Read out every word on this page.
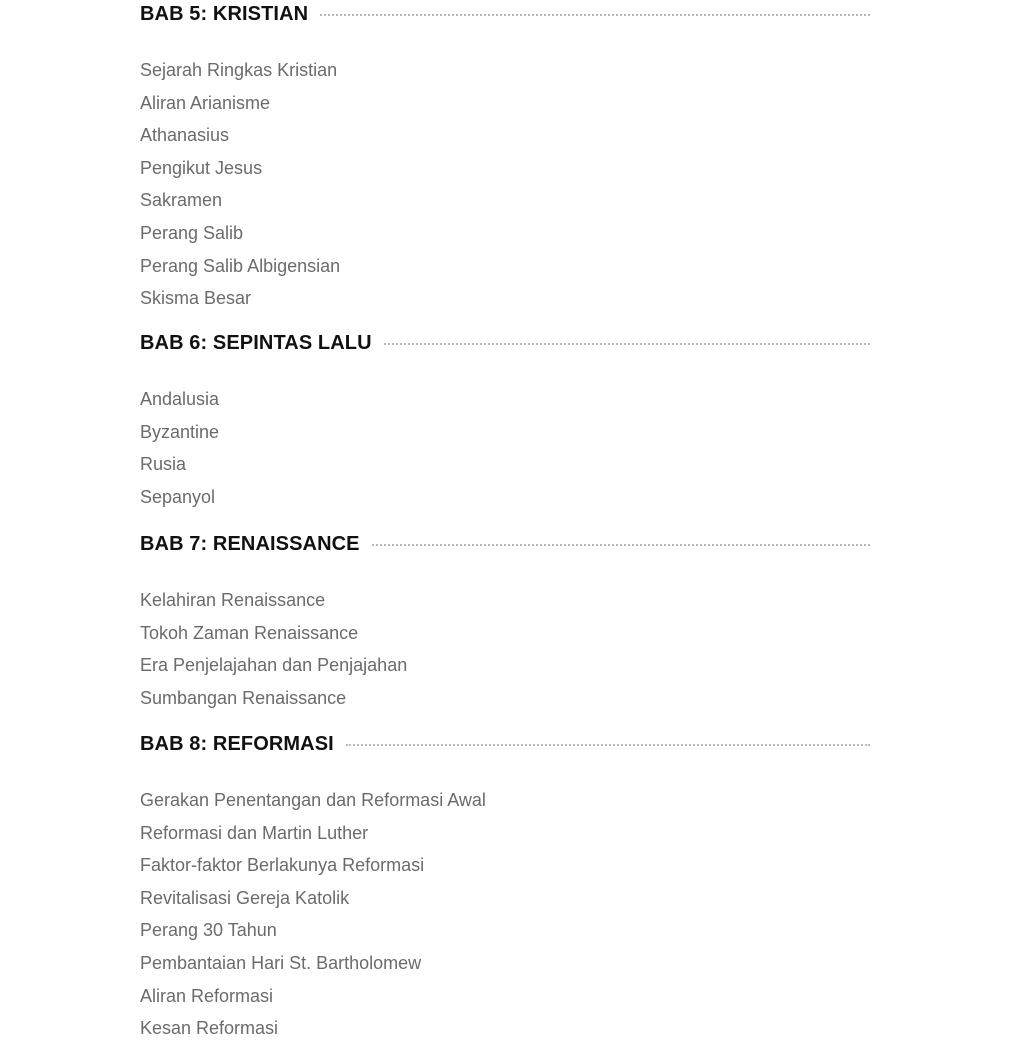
BAB 5: KRISTIAN
Sejarah Ringkas Kristian
Aliran Arianisme
Athanasius
Pengikut Jesus
Sakramen
Perang Salib
Perang Salib Albigensian
Skisma Besar
BAB 6: SEPINTAS LALU
Andalusia
Byzantine
Rusia
Sepanyol
BAB 7: RENAISSANCE
Kelahiran Renaissance
Tokoh Zaman Renaissance
Era Penjelajahan dan Penjajahan
Sumbangan Renaissance
BAB 8: REFORMASI
Gerakan Penentangan dan Reformasi Awal
Reformasi dan Martin Luther
Faktor-faktor Berlakunya Reformasi
Revitalisasi Gereja Katolik
Perang 30 Tahun
Pembantaian Hari St. Bartholomew
Aliran Reformasi
Kesan Reformasi
